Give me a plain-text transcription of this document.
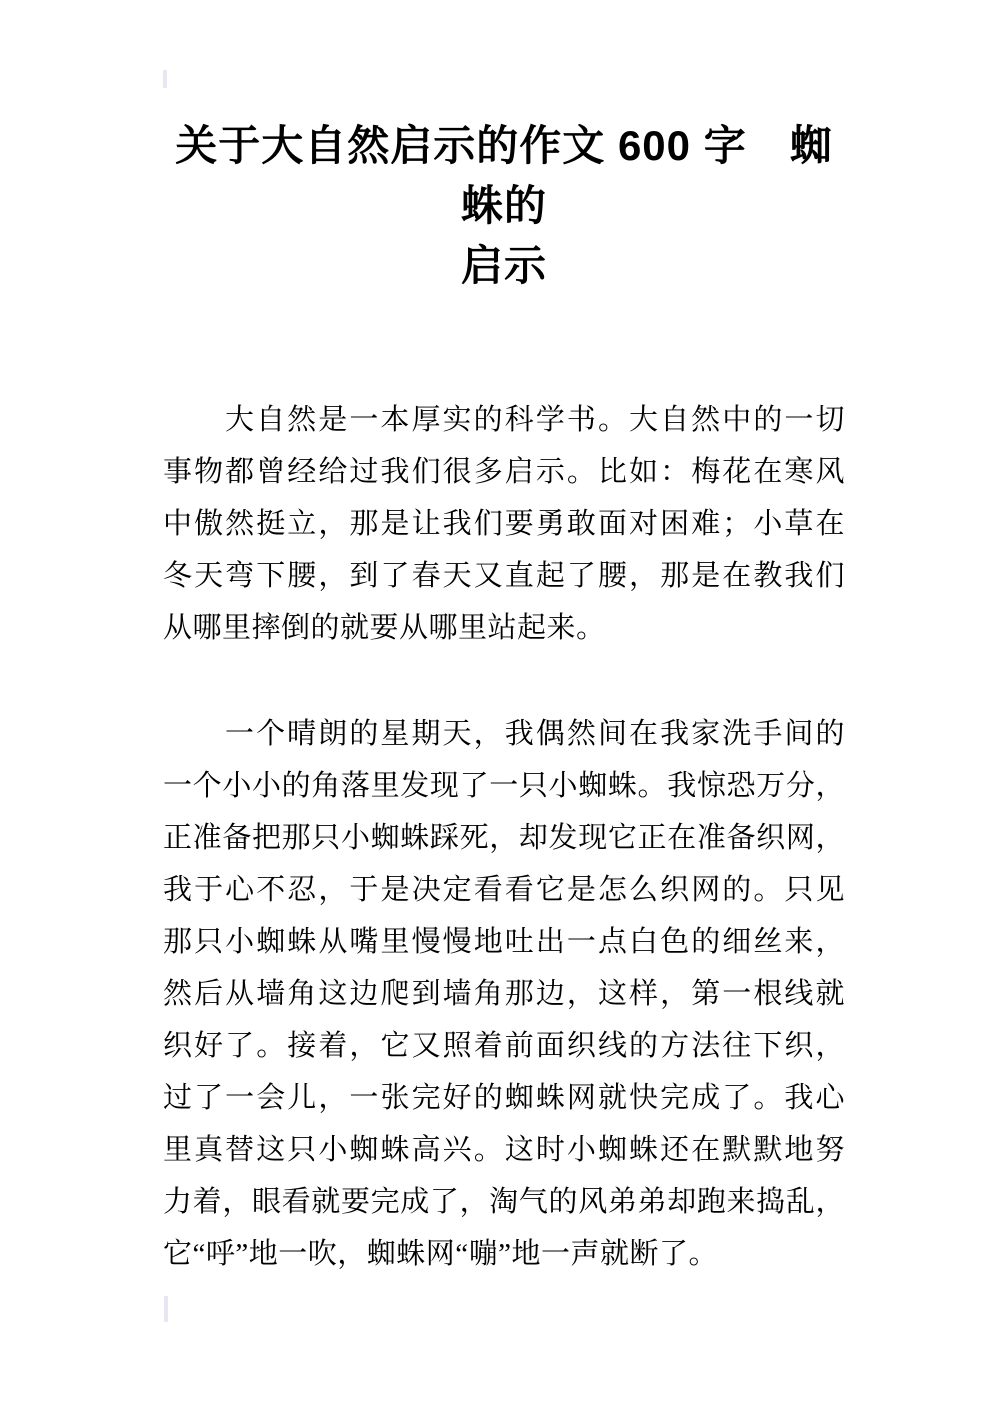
关于大自然启示的作文 600 字　蜘蛛的
启示
大自然是一本厚实的科学书。大自然中的一切
事物都曾经给过我们很多启示。比如：梅花在寒风
中傲然挺立，那是让我们要勇敢面对困难；小草在
冬天弯下腰，到了春天又直起了腰，那是在教我们
从哪里摔倒的就要从哪里站起来。
一个晴朗的星期天，我偶然间在我家洗手间的
一个小小的角落里发现了一只小蜘蛛。我惊恐万分，
正准备把那只小蜘蛛踩死，却发现它正在准备织网，
我于心不忍，于是决定看看它是怎么织网的。只见
那只小蜘蛛从嘴里慢慢地吐出一点白色的细丝来，
然后从墙角这边爬到墙角那边，这样，第一根线就
织好了。接着，它又照着前面织线的方法往下织，
过了一会儿，一张完好的蜘蛛网就快完成了。我心
里真替这只小蜘蛛高兴。这时小蜘蛛还在默默地努
力着，眼看就要完成了，淘气的风弟弟却跑来捣乱，
它“呼”地一吹，蜘蛛网“嘣”地一声就断了。
